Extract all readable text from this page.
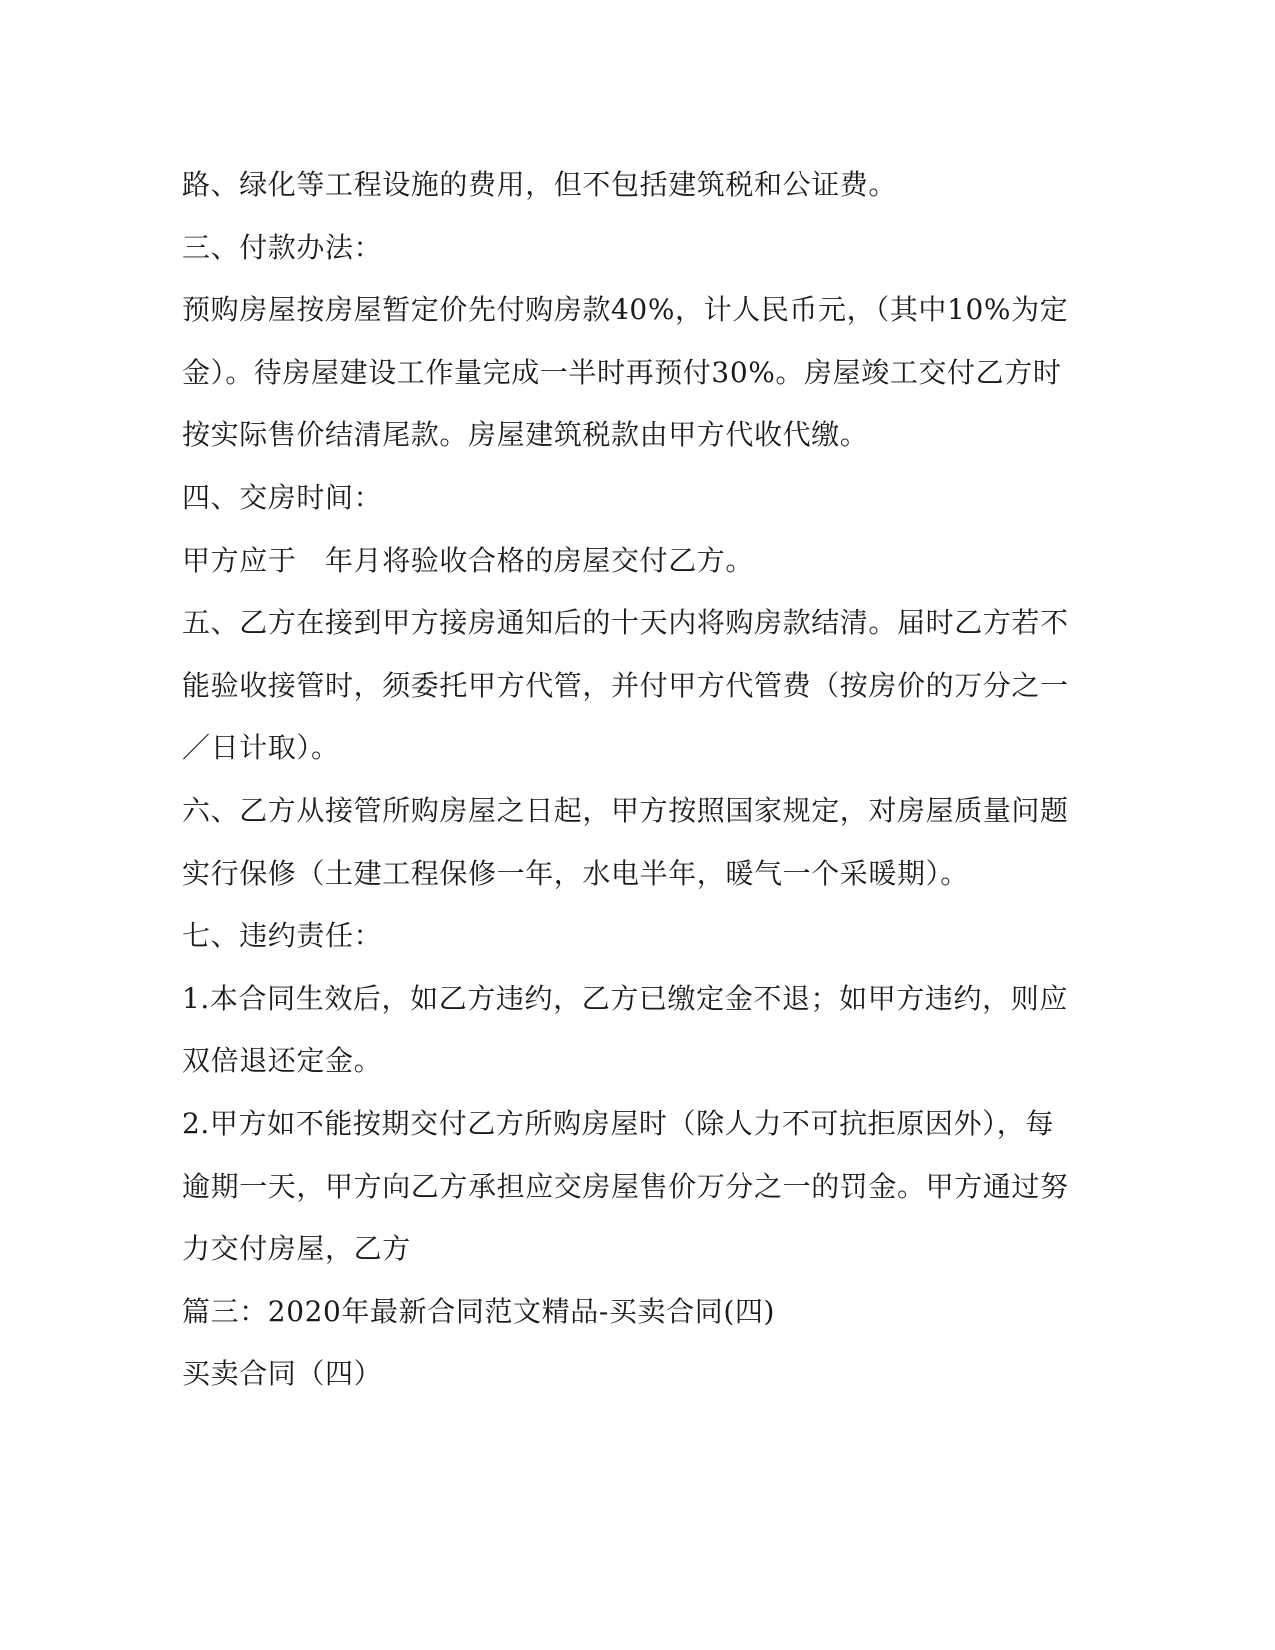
路、绿化等工程设施的费用，但不包括建筑税和公证费。
三、付款办法：
预购房屋按房屋暂定价先付购房款40%，计人民币元，（其中10%为定
金）。待房屋建设工作量完成一半时再预付30%。房屋竣工交付乙方时
按实际售价结清尾款。房屋建筑税款由甲方代收代缴。
四、交房时间：
甲方应于　年月将验收合格的房屋交付乙方。
五、乙方在接到甲方接房通知后的十天内将购房款结清。届时乙方若不
能验收接管时，须委托甲方代管，并付甲方代管费（按房价的万分之一
／日计取）。
六、乙方从接管所购房屋之日起，甲方按照国家规定，对房屋质量问题
实行保修（土建工程保修一年，水电半年，暖气一个采暖期）。
七、违约责任：
1.本合同生效后，如乙方违约，乙方已缴定金不退；如甲方违约，则应
双倍退还定金。
2.甲方如不能按期交付乙方所购房屋时（除人力不可抗拒原因外），每
逾期一天，甲方向乙方承担应交房屋售价万分之一的罚金。甲方通过努
力交付房屋，乙方
篇三：2020年最新合同范文精品-买卖合同(四)
买卖合同（四）
